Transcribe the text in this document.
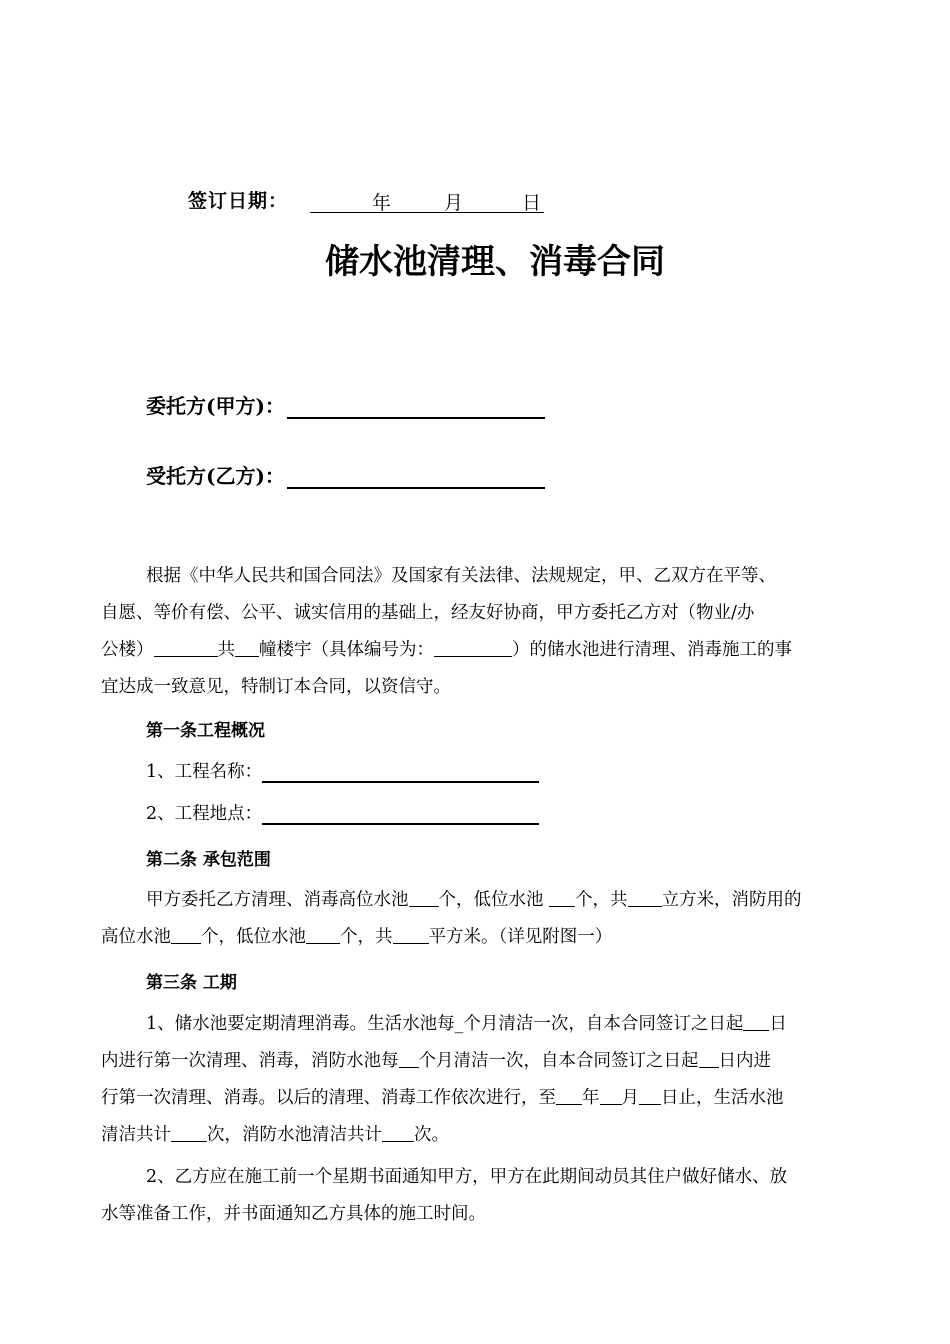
签订日期：	年	月	日
储水池清理、消毒合同
委托方(甲方)：
受托方(乙方)：
根据《中华人民共和国合同法》及国家有关法律、法规规定，甲、乙双方在平等、
自愿、等价有偿、公平、诚实信用的基础上，经友好协商，甲方委托乙方对（物业/办
公楼）	共 幢楼宇（具体编号为：	）的储水池进行清理、消毒施工的事
宜达成一致意见，特制订本合同，以资信守。
第一条工程概况
1、工程名称：
2、工程地点：
第二条 承包范围
甲方委托乙方清理、消毒高位水池 个，低位水池 个，共 立方米，消防用的
高位水池 个，低位水池 个，共 平方米。（详见附图一）
第三条 工期
1、储水池要定期清理消毒。生活水池每_个月清洁一次，自本合同签订之日起 日
内进行第一次清理、消毒，消防水池每 个月清洁一次，自本合同签订之日起 日内进
行第一次清理、消毒。以后的清理、消毒工作依次进行，至 年 月 日止，生活水池
清洁共计 次，消防水池清洁共计 次。
2、乙方应在施工前一个星期书面通知甲方，甲方在此期间动员其住户做好储水、放
水等准备工作，并书面通知乙方具体的施工时间。
